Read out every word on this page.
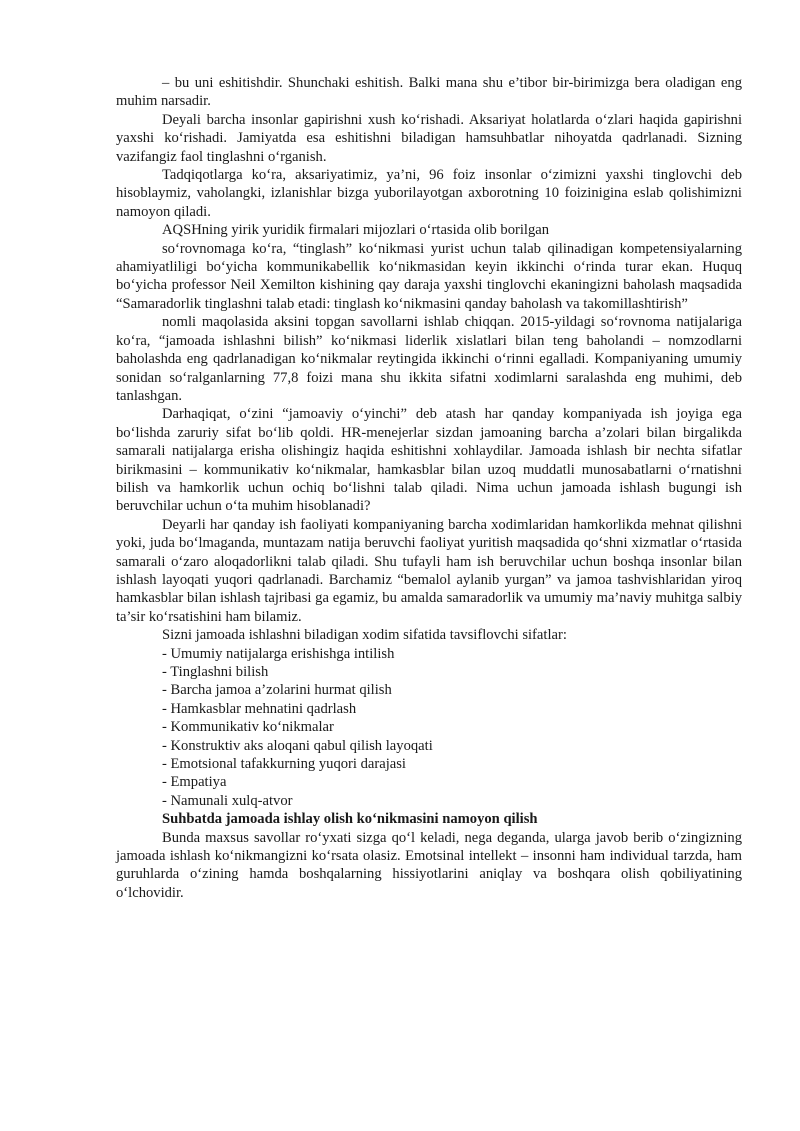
– bu uni eshitishdir. Shunchaki eshitish. Balki mana shu e’tibor bir-birimizga bera oladigan eng muhim narsadir.

Deyali barcha insonlar gapirishni xush ko‘rishadi. Aksariyat holatlarda o‘zlari haqida gapirishni yaxshi ko‘rishadi. Jamiyatda esa eshitishni biladigan hamsuhbatlar nihoyatda qadrlanadi. Sizning vazifangiz faol tinglashni o‘rganish.

Tadqiqotlarga ko‘ra, aksariyatimiz, ya’ni, 96 foiz insonlar o‘zimizni yaxshi tinglovchi deb hisoblaymiz, vaholangki, izlanishlar bizga yuborilayotgan axborotning 10 foizinigina eslab qolishimizni namoyon qiladi.

AQSHning yirik yuridik firmalari mijozlari o‘rtasida olib borilgan

so‘rovnomaga ko‘ra, “tinglash” ko‘nikmasi yurist uchun talab qilinadigan kompetensiyalarning ahamiyatliligi bo‘yicha kommunikabellik ko‘nikmasidan keyin ikkinchi o‘rinda turar ekan. Huquq bo‘yicha professor Neil Xemilton kishining qay daraja yaxshi tinglovchi ekaningizni baholash maqsadida “Samaradorlik tinglashni talab etadi: tinglash ko‘nikmasini qanday baholash va takomillashtirish”

nomli maqolasida aksini topgan savollarni ishlab chiqqan. 2015-yildagi so‘rovnoma natijalariga ko‘ra, “jamoada ishlashni bilish” ko‘nikmasi liderlik xislatlari bilan teng baholandi – nomzodlarni baholashda eng qadrlanadigan ko‘nikmalar reytingida ikkinchi o‘rinni egalladi. Kompaniyaning umumiy sonidan so‘ralganlarning 77,8 foizi mana shu ikkita sifatni xodimlarni saralashda eng muhimi, deb tanlashgan.

Darhaqiqat, o‘zini “jamoaviy o‘yinchi” deb atash har qanday kompaniyada ish joyiga ega bo‘lishda zaruriy sifat bo‘lib qoldi. HR-menejerlar sizdan jamoaning barcha a’zolari bilan birgalikda samarali natijalarga erisha olishingiz haqida eshitishni xohlaydilar. Jamoada ishlash bir nechta sifatlar birikmasini – kommunikativ ko‘nikmalar, hamkasblar bilan uzoq muddatli munosabatlarni o‘rnatishni bilish va hamkorlik uchun ochiq bo‘lishni talab qiladi. Nima uchun jamoada ishlash bugungi ish beruvchilar uchun o‘ta muhim hisoblanadi?

Deyarli har qanday ish faoliyati kompaniyaning barcha xodimlaridan hamkorlikda mehnat qilishni yoki, juda bo‘lmaganda, muntazam natija beruvchi faoliyat yuritish maqsadida qo‘shni xizmatlar o‘rtasida samarali o‘zaro aloqadorlikni talab qiladi. Shu tufayli ham ish beruvchilar uchun boshqa insonlar bilan ishlash layoqati yuqori qadrlanadi. Barchamiz “bemalol aylanib yurgan” va jamoa tashvishlaridan yiroq hamkasblar bilan ishlash tajribasi ga egamiz, bu amalda samaradorlik va umumiy ma’naviy muhitga salbiy ta’sir ko‘rsatishini ham bilamiz.

Sizni jamoada ishlashni biladigan xodim sifatida tavsiflovchi sifatlar:

- Umumiy natijalarga erishishga intilish
- Tinglashni bilish
- Barcha jamoa a’zolarini hurmat qilish
- Hamkasblar mehnatini qadrlash
- Kommunikativ ko‘nikmalar
- Konstruktiv aks aloqani qabul qilish layoqati
- Emotsional tafakkurning yuqori darajasi
- Empatiya
- Namunali xulq-atvor

Suhbatda jamoada ishlay olish ko‘nikmasini namoyon qilish

Bunda maxsus savollar ro‘yxati sizga qo‘l keladi, nega deganda, ularga javob berib o‘zingizning jamoada ishlash ko‘nikmangizni ko‘rsata olasiz. Emotsinal intellekt – insonni ham individual tarzda, ham guruhlarda o‘zining hamda boshqalarning hissiyotlarini aniqlay va boshqara olish qobiliyatining o‘lchovidir.
